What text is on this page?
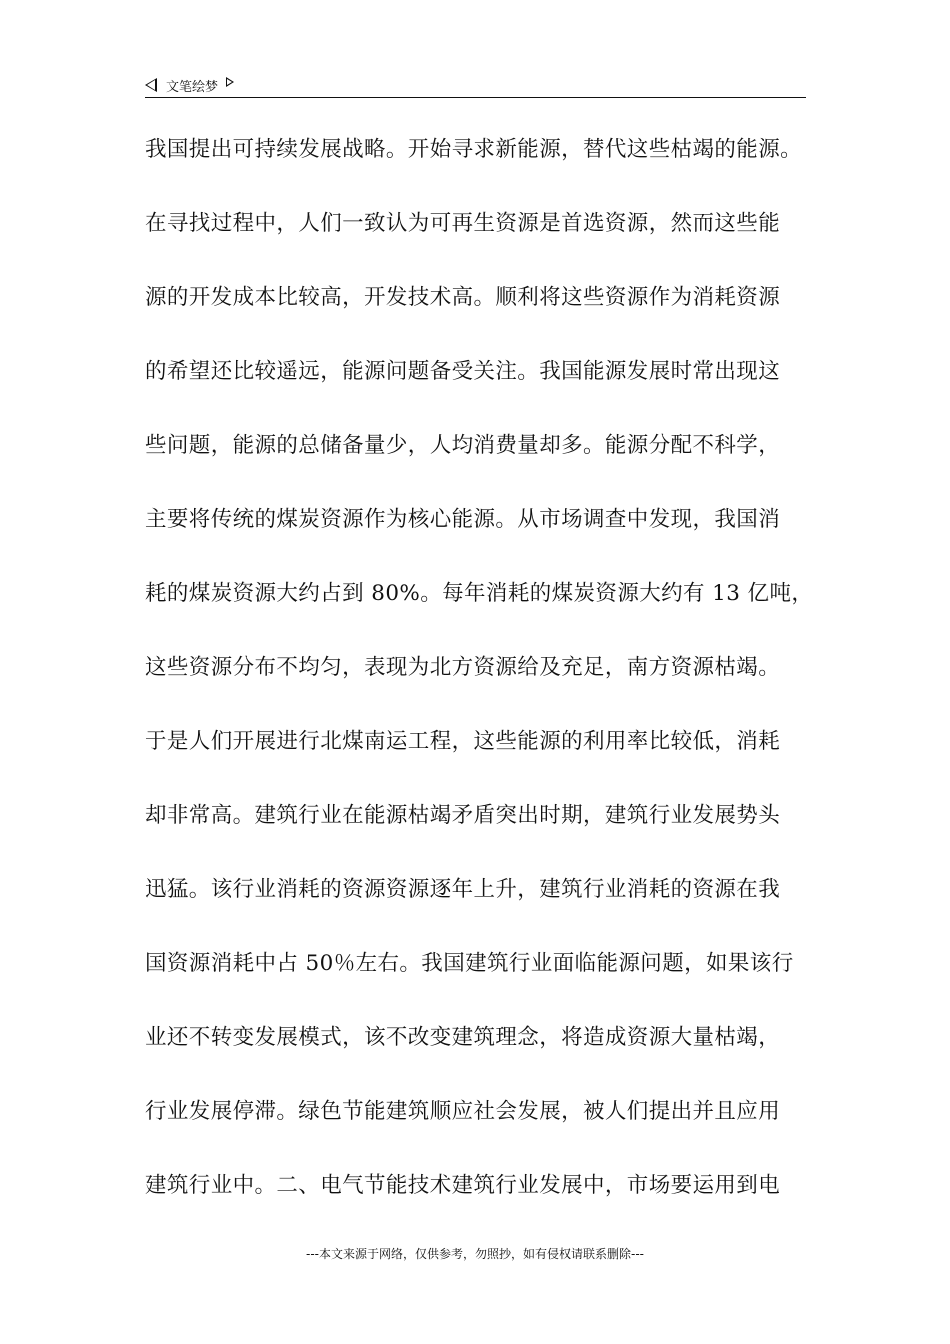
文笔绘梦
我国提出可持续发展战略。开始寻求新能源，替代这些枯竭的能源。
在寻找过程中，人们一致认为可再生资源是首选资源，然而这些能
源的开发成本比较高，开发技术高。顺利将这些资源作为消耗资源
的希望还比较遥远，能源问题备受关注。我国能源发展时常出现这
些问题，能源的总储备量少，人均消费量却多。能源分配不科学，
主要将传统的煤炭资源作为核心能源。从市场调查中发现，我国消
耗的煤炭资源大约占到 80%。每年消耗的煤炭资源大约有 13 亿吨，
这些资源分布不均匀，表现为北方资源给及充足，南方资源枯竭。
于是人们开展进行北煤南运工程，这些能源的利用率比较低，消耗
却非常高。建筑行业在能源枯竭矛盾突出时期，建筑行业发展势头
迅猛。该行业消耗的资源资源逐年上升，建筑行业消耗的资源在我
国资源消耗中占 50％左右。我国建筑行业面临能源问题，如果该行
业还不转变发展模式，该不改变建筑理念，将造成资源大量枯竭，
行业发展停滞。绿色节能建筑顺应社会发展，被人们提出并且应用
建筑行业中。二、电气节能技术建筑行业发展中，市场要运用到电
---本文来源于网络，仅供参考，勿照抄，如有侵权请联系删除---
